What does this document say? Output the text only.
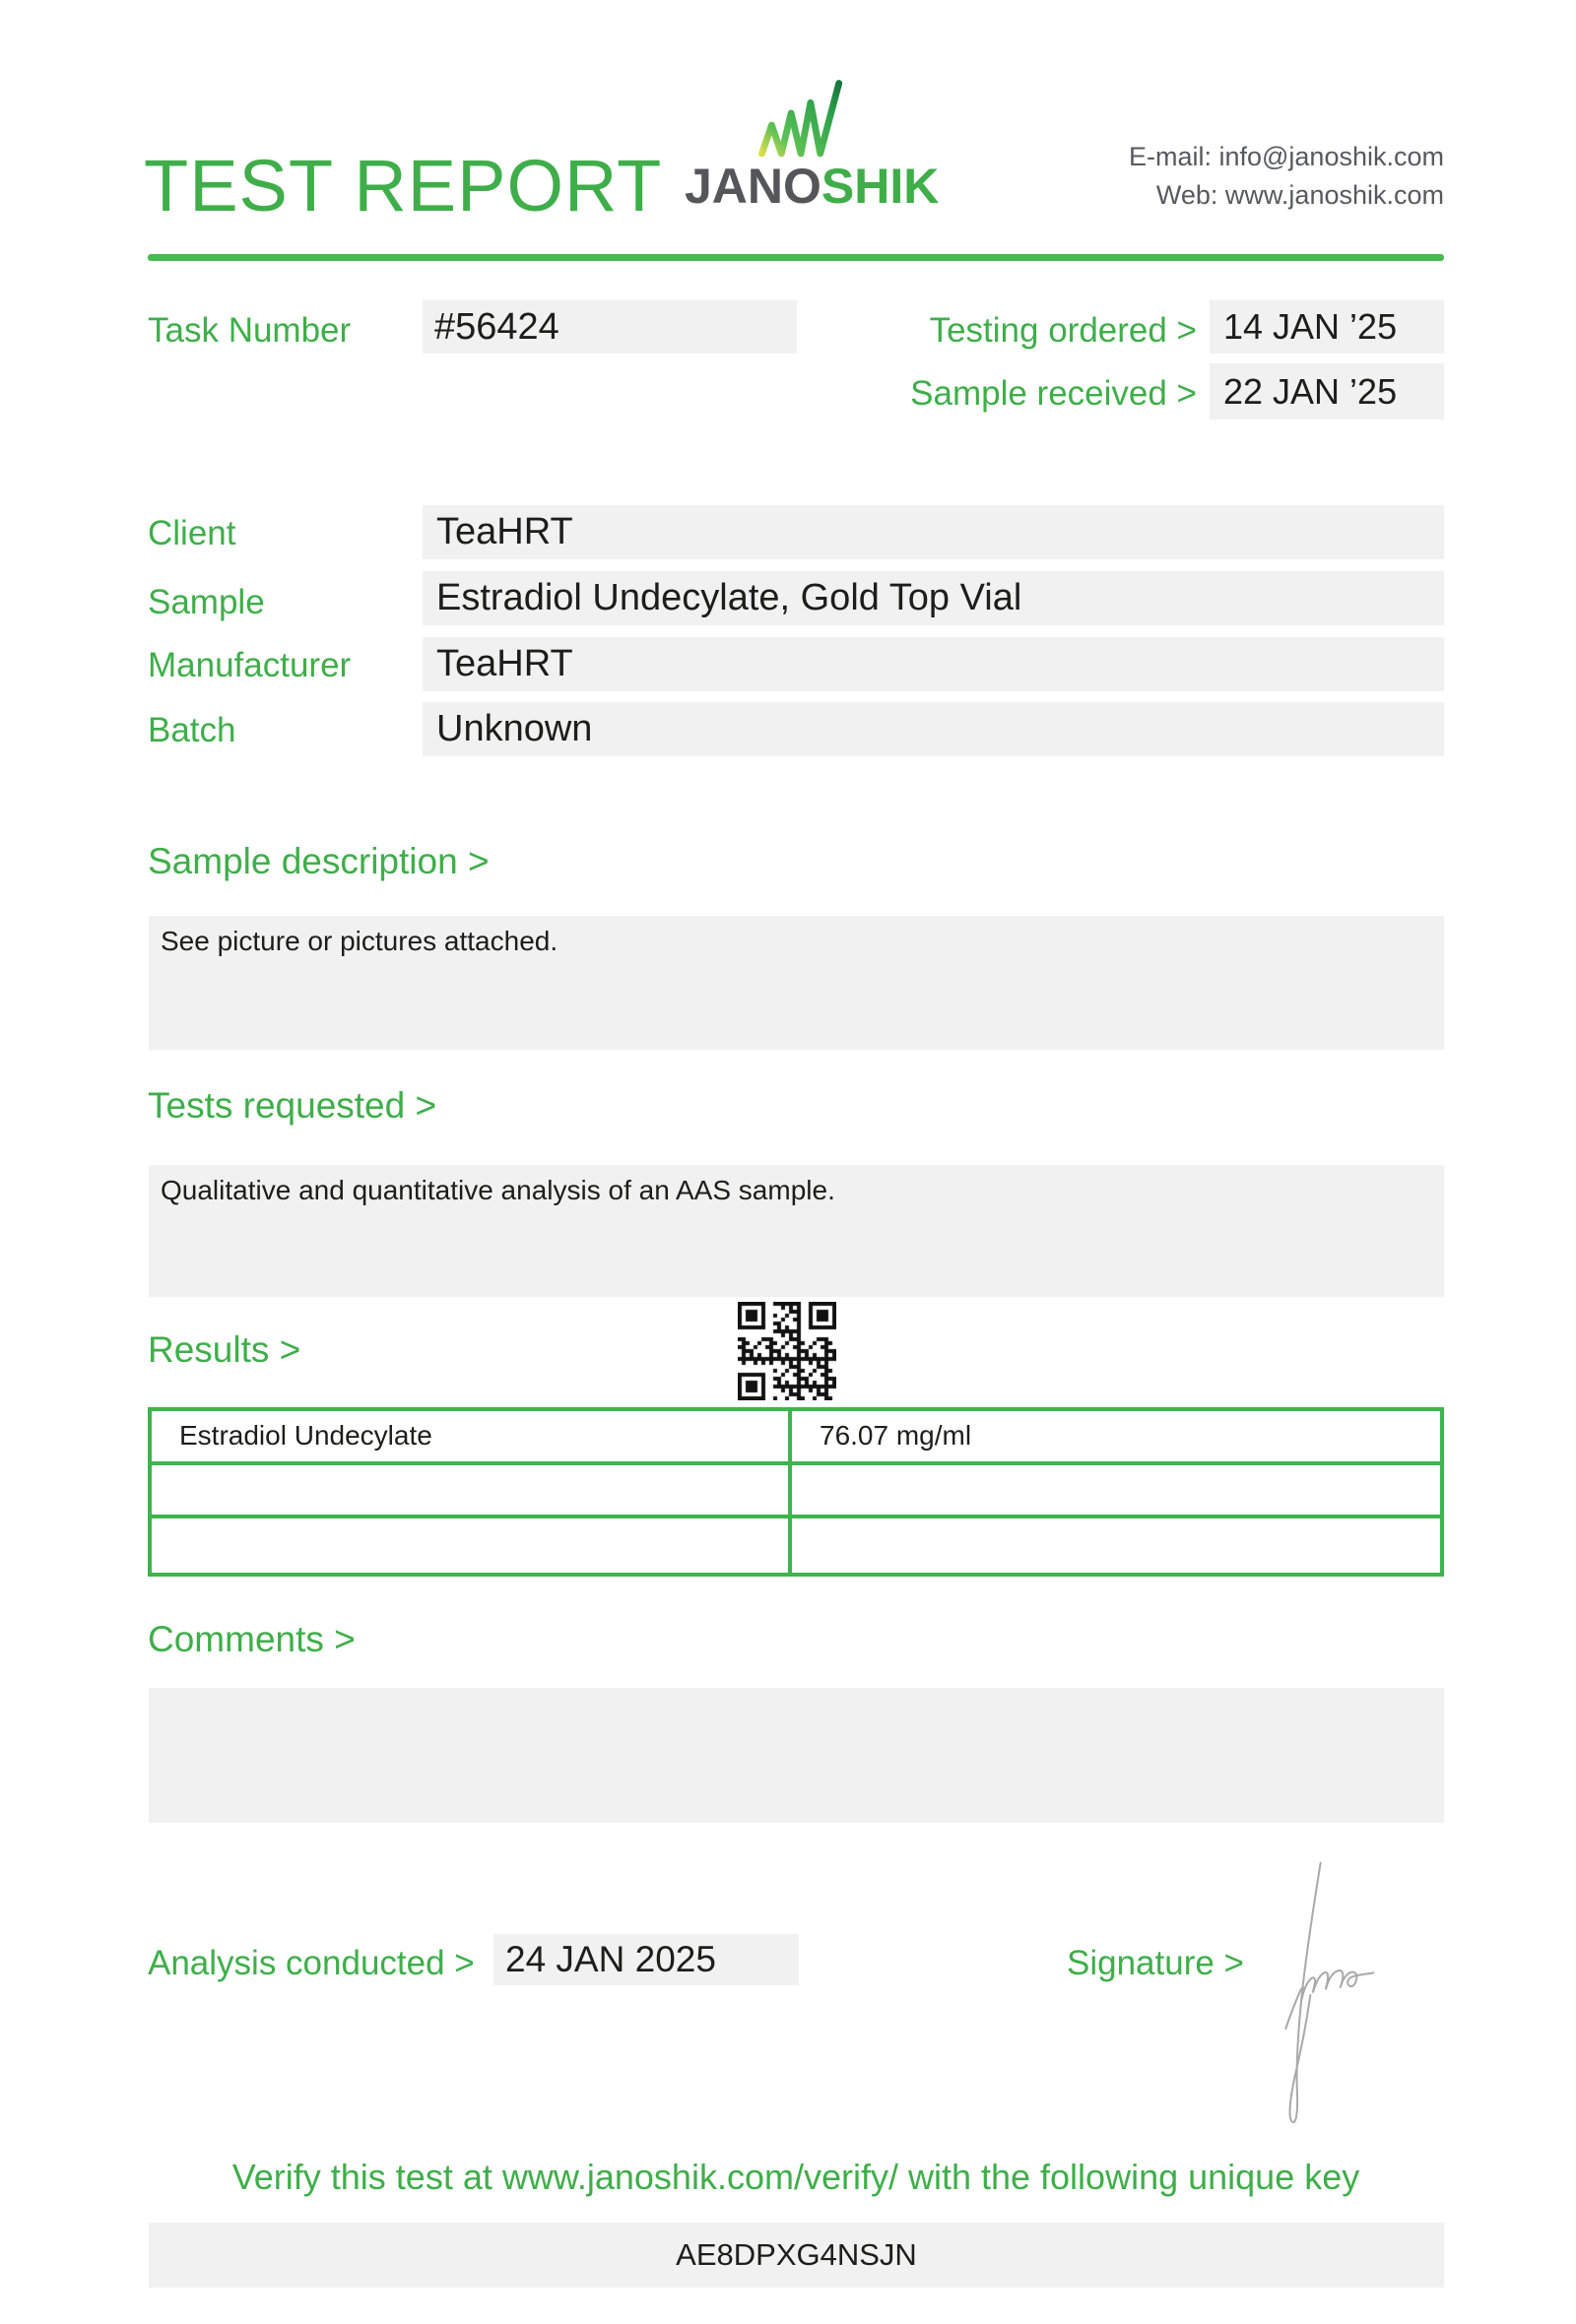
TEST REPORT JANOSHIK
E-mail: info@janoshik.com
Web: www.janoshik.com
Task Number	#56424	Testing ordered > 14 JAN ’25
Sample received > 22 JAN ’25
Client	TeaHRT
Sample	Estradiol Undecylate, Gold Top Vial
Manufacturer	TeaHRT
Batch	Unknown
Sample description >
See picture or pictures attached.
Tests requested >
Qualitative and quantitative analysis of an AAS sample.
Results >
Estradiol Undecylate	76.07 mg/ml
Comments >
Analysis conducted > 24 JAN 2025	Signature >
Verify this test at www.janoshik.com/verify/ with the following unique key
AE8DPXG4NSJN
